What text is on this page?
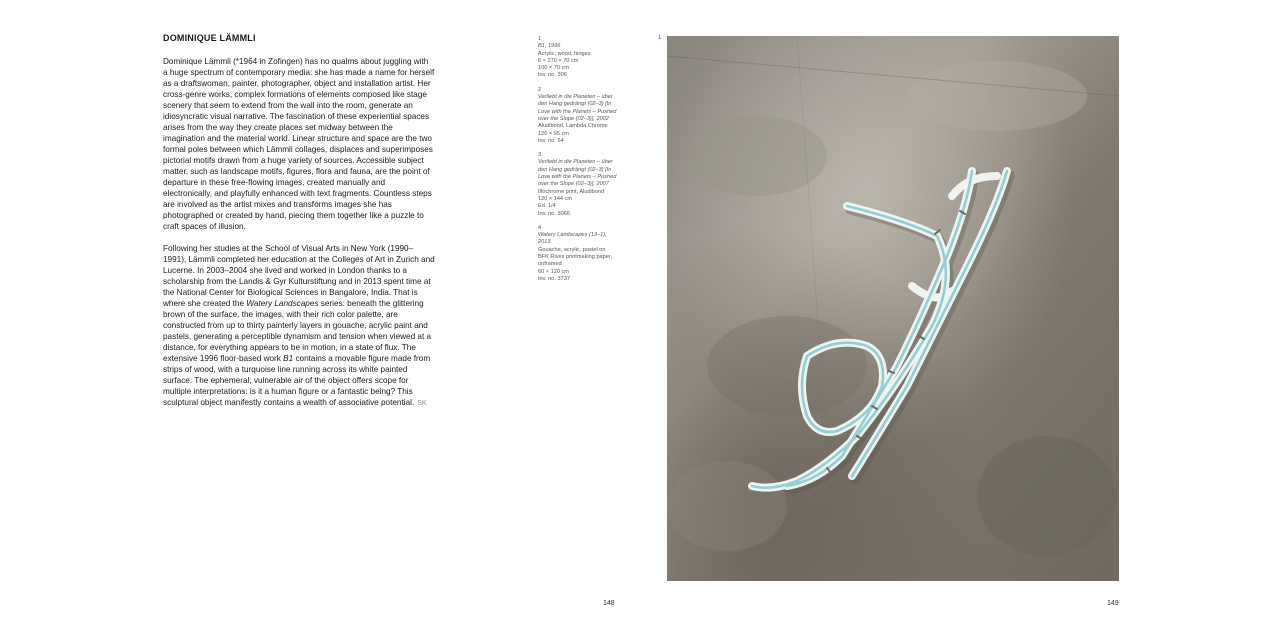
DOMINIQUE LÄMMLI

Dominique Lämmli (*1964 in Zofingen) has no qualms about juggling with a huge spectrum of contemporary media: she has made a name for herself as a draftswoman, painter, photographer, object and installation artist. Her cross-genre works, complex formations of elements composed like stage scenery that seem to extend from the wall into the room, generate an idiosyncratic visual narrative. The fascination of these experiential spaces arises from the way they create places set midway between the imagination and the material world. Linear structure and space are the two formal poles between which Lämmli collages, displaces and superimposes pictorial motifs drawn from a huge variety of sources. Accessible subject matter, such as landscape motifs, figures, flora and fauna, are the point of departure in these free-flowing images, created manually and electronically, and playfully enhanced with text fragments. Countless steps are involved as the artist mixes and transforms images she has photographed or created by hand, piecing them together like a puzzle to craft spaces of illusion.

Following her studies at the School of Visual Arts in New York (1990–1991), Lämmli completed her education at the Colleges of Art in Zurich and Lucerne. In 2003–2004 she lived and worked in London thanks to a scholarship from the Landis & Gyr Kulturstiftung and in 2013 spent time at the National Center for Biological Sciences in Bangalore, India. That is where she created the Watery Landscapes series: beneath the glittering brown of the surface, the images, with their rich color palette, are constructed from up to thirty painterly layers in gouache, acrylic paint and pastels, generating a perceptible dynamism and tension when viewed at a distance, for everything appears to be in motion, in a state of flux. The extensive 1996 floor-based work B1 contains a movable figure made from strips of wood, with a turquoise line running across its white painted surface. The ephemeral, vulnerable air of the object offers scope for multiple interpretations: is it a human figure or a fantastic being? This sculptural object manifestly contains a wealth of associative potential. SK

1
B1, 1996
Acrylic, wood, hinges
6 × 270 × 70 cm
100 × 70 cm
Inv. no. 306
2
Verliebt in die Planeten – über den Hang gedrängt (02–3) [In Love with the Planets – Pushed over the Slope (02–3)], 2002
Aludibond, Lambda Chrome
120 × 95 cm
Inv. no. 64
3
Verliebt in die Planeten – über den Hang gedrängt (02–3) [In Love with the Planets – Pushed over the Slope (02–3)], 2007
Ilfochrome print, Aludibond
120 × 144 cm
Ed. 1/4
Inv. no. 3066
4
Watery Landscapes (13–1), 2013
Gouache, acrylic, pastel on
BFK Rives printmaking paper,
unframed
60 × 120 cm
Inv. no. 3737
1
148	149
